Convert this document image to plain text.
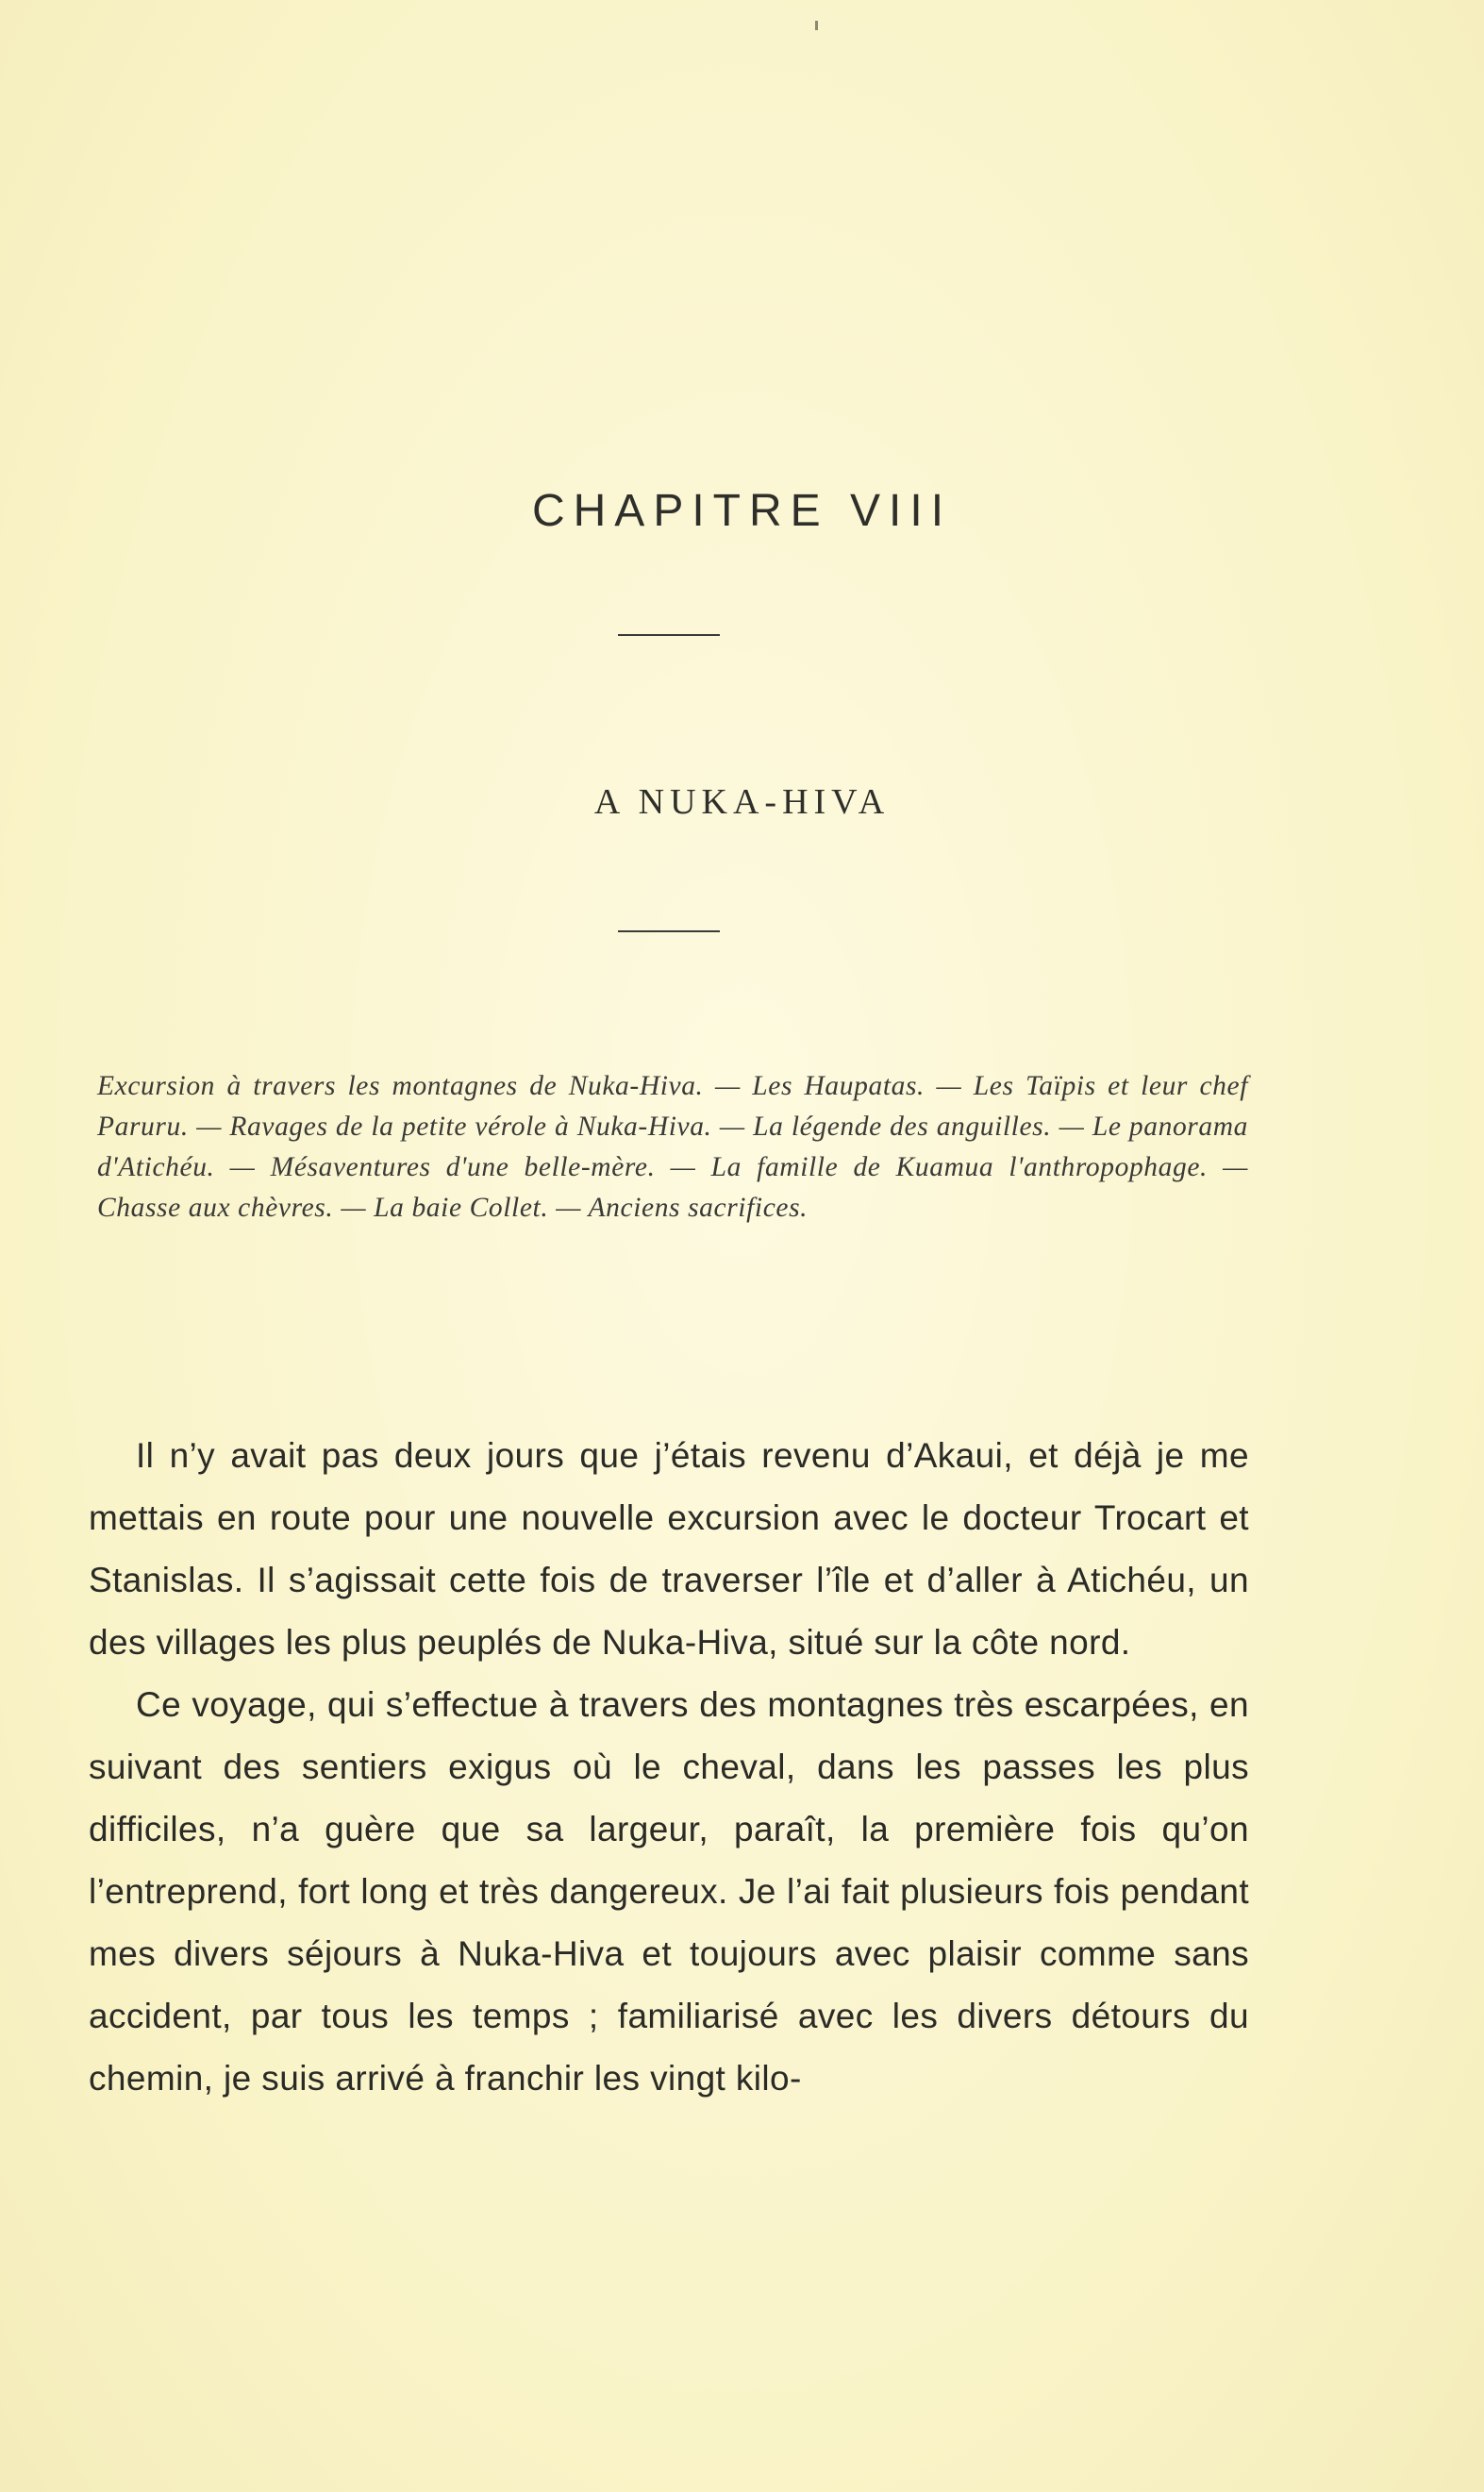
CHAPITRE VIII
A NUKA-HIVA
Excursion à travers les montagnes de Nuka-Hiva. — Les Haupatas. — Les Taïpis et leur chef Paruru. — Ravages de la petite vérole à Nuka-Hiva. — La légende des anguilles. — Le panorama d'Atichéu. — Mésaventures d'une belle-mère. — La famille de Kuamua l'anthropophage. — Chasse aux chèvres. — La baie Collet. — Anciens sacrifices.

Il n’y avait pas deux jours que j’étais revenu d’Akaui, et déjà je me mettais en route pour une nouvelle excursion avec le docteur Trocart et Stanislas. Il s’agissait cette fois de traverser l’île et d’aller à Atichéu, un des villages les plus peuplés de Nuka-Hiva, situé sur la côte nord.

Ce voyage, qui s’effectue à travers des montagnes très escarpées, en suivant des sentiers exigus où le cheval, dans les passes les plus difficiles, n’a guère que sa largeur, paraît, la première fois qu’on l’entreprend, fort long et très dangereux. Je l’ai fait plusieurs fois pendant mes divers séjours à Nuka-Hiva et toujours avec plaisir comme sans accident, par tous les temps ; familiarisé avec les divers détours du chemin, je suis arrivé à franchir les vingt kilo-
